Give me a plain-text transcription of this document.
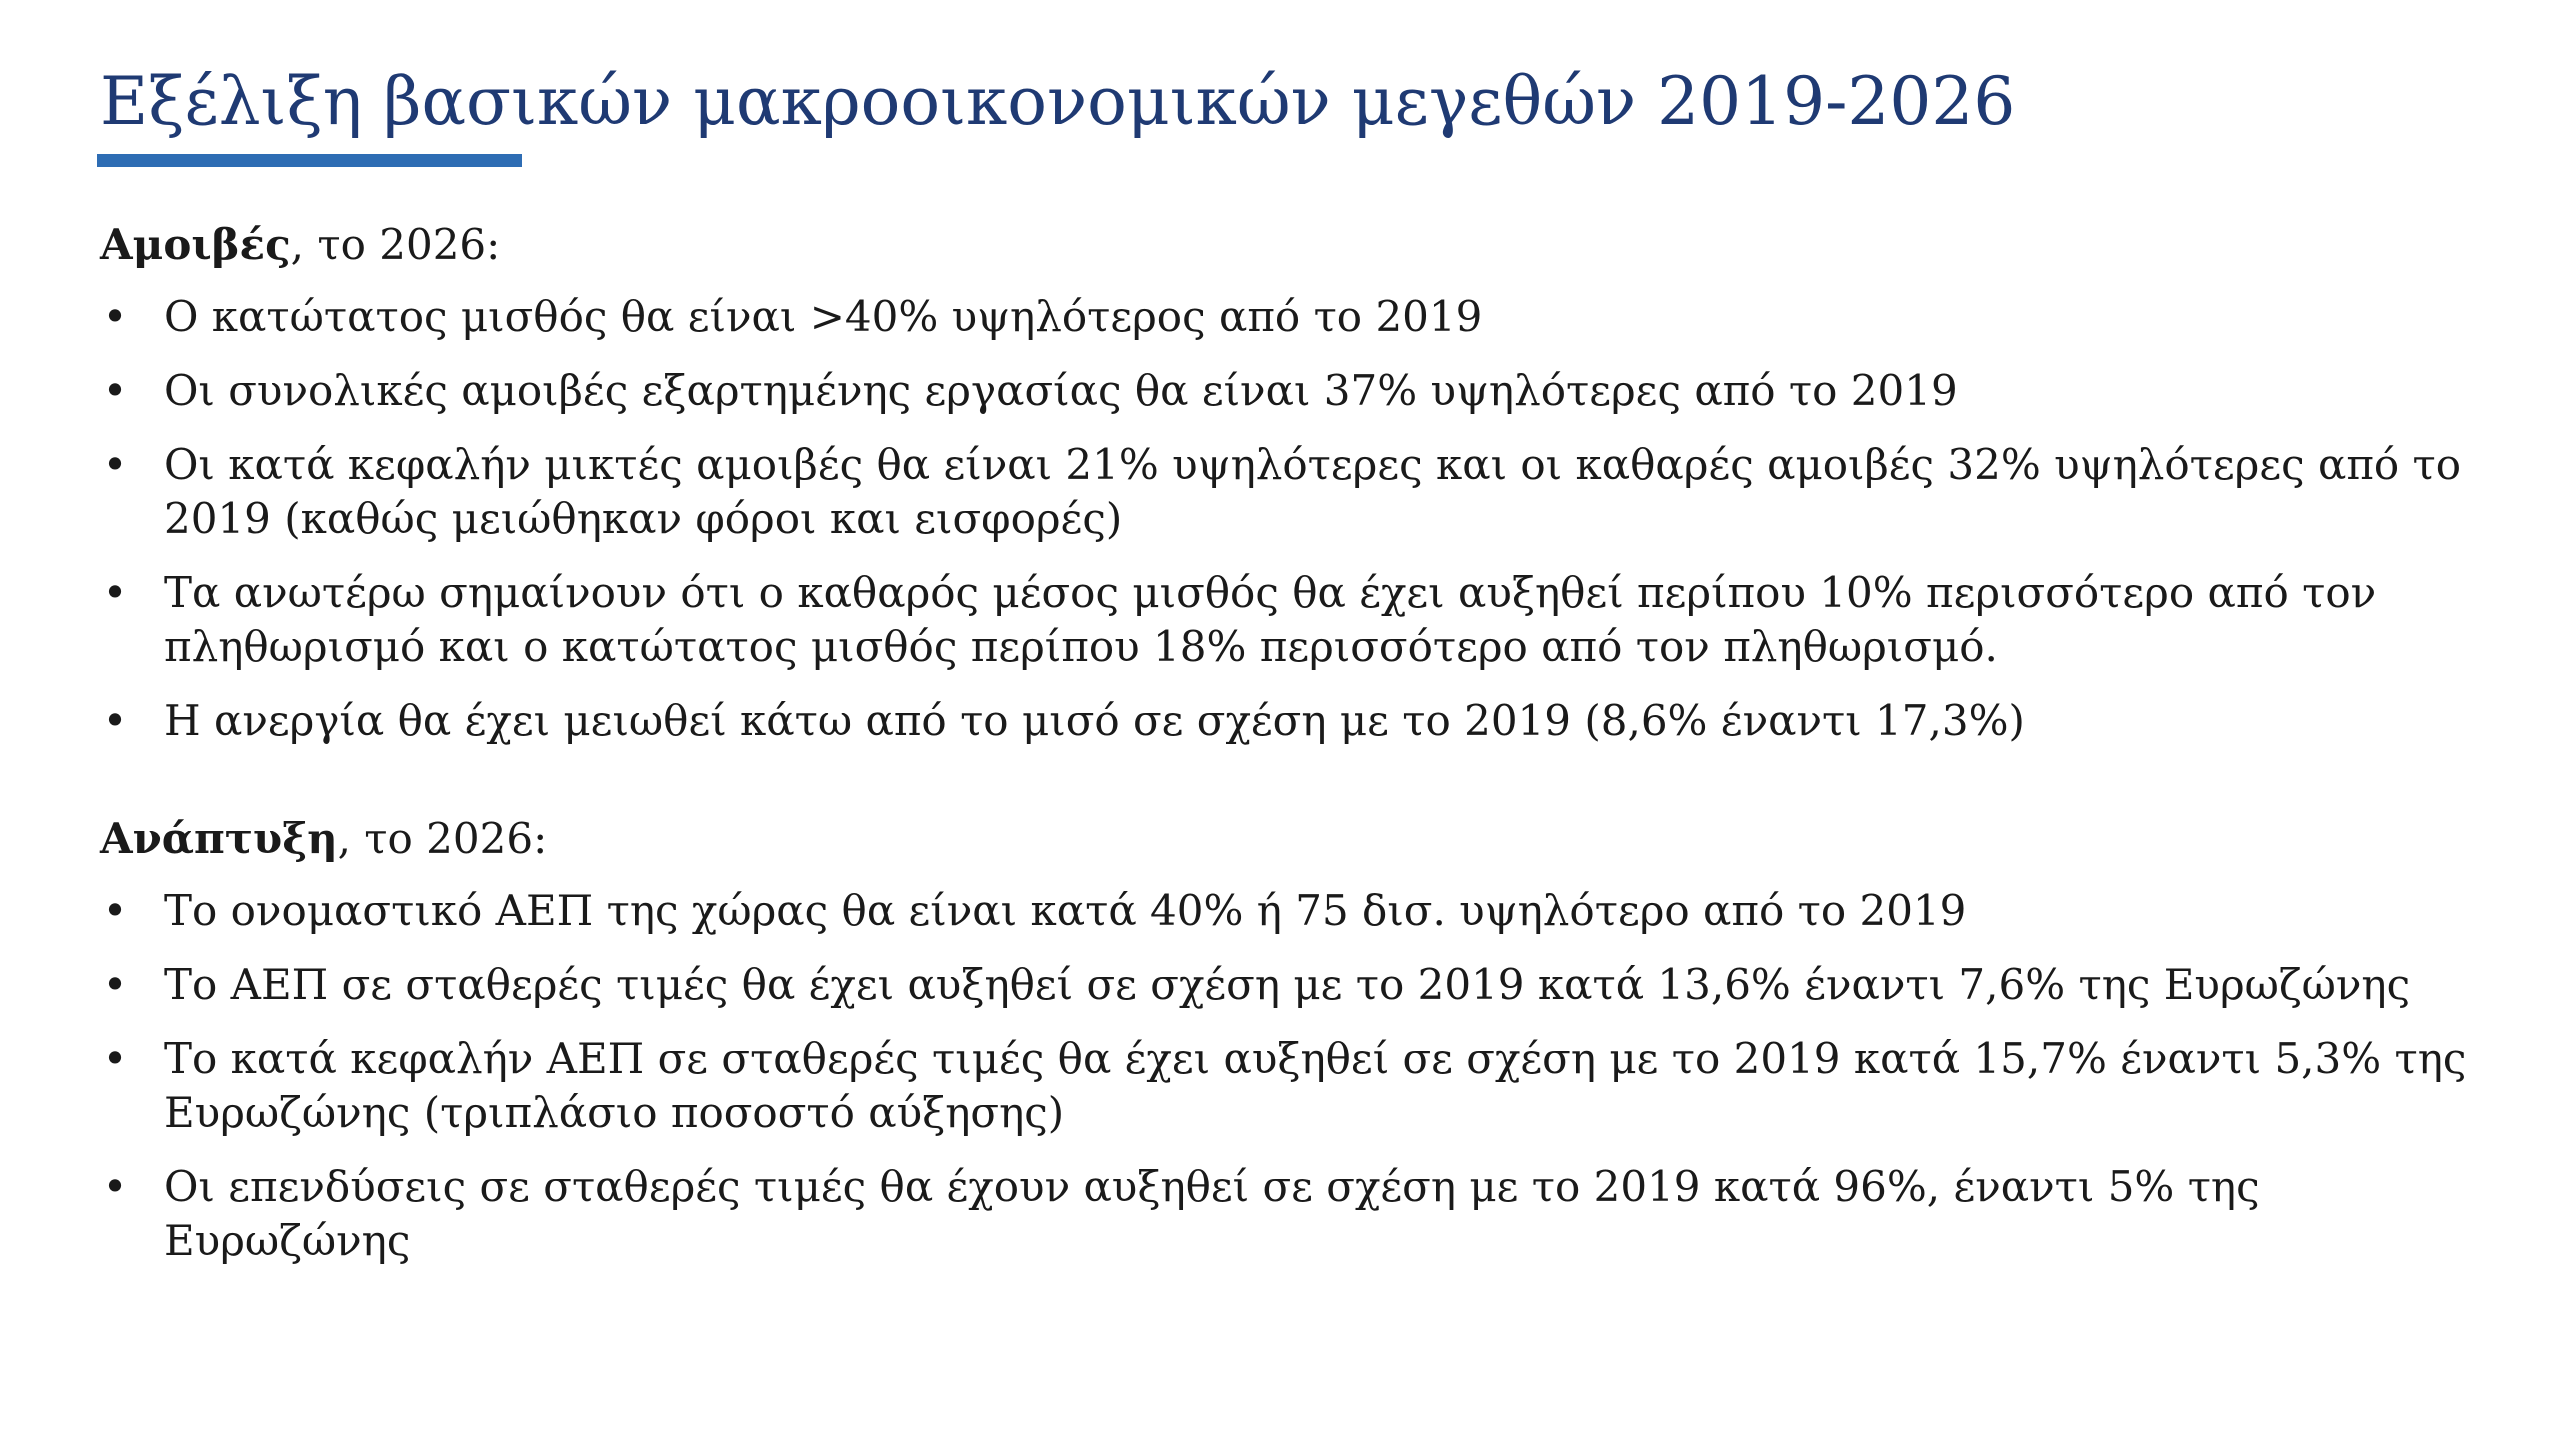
Εξέλιξη βασικών μακροοικονομικών μεγεθών 2019-2026

Αμοιβές, το 2026:

• Ο κατώτατος μισθός θα είναι >40% υψηλότερος από το 2019
• Οι συνολικές αμοιβές εξαρτημένης εργασίας θα είναι 37% υψηλότερες από το 2019
• Οι κατά κεφαλήν μικτές αμοιβές θα είναι 21% υψηλότερες και οι καθαρές αμοιβές 32% υψηλότερες από το 2019 (καθώς μειώθηκαν φόροι και εισφορές)
• Τα ανωτέρω σημαίνουν ότι ο καθαρός μέσος μισθός θα έχει αυξηθεί περίπου 10% περισσότερο από τον πληθωρισμό και ο κατώτατος μισθός περίπου 18% περισσότερο από τον πληθωρισμό.
• Η ανεργία θα έχει μειωθεί κάτω από το μισό σε σχέση με το 2019 (8,6% έναντι 17,3%)

Ανάπτυξη, το 2026:

• Το ονομαστικό ΑΕΠ της χώρας θα είναι κατά 40% ή 75 δισ. υψηλότερο από το 2019
• Το ΑΕΠ σε σταθερές τιμές θα έχει αυξηθεί σε σχέση με το 2019 κατά 13,6% έναντι 7,6% της Ευρωζώνης
• Το κατά κεφαλήν ΑΕΠ σε σταθερές τιμές θα έχει αυξηθεί σε σχέση με το 2019 κατά 15,7% έναντι 5,3% της Ευρωζώνης (τριπλάσιο ποσοστό αύξησης)
• Οι επενδύσεις σε σταθερές τιμές θα έχουν αυξηθεί σε σχέση με το 2019 κατά 96%, έναντι 5% της Ευρωζώνης
